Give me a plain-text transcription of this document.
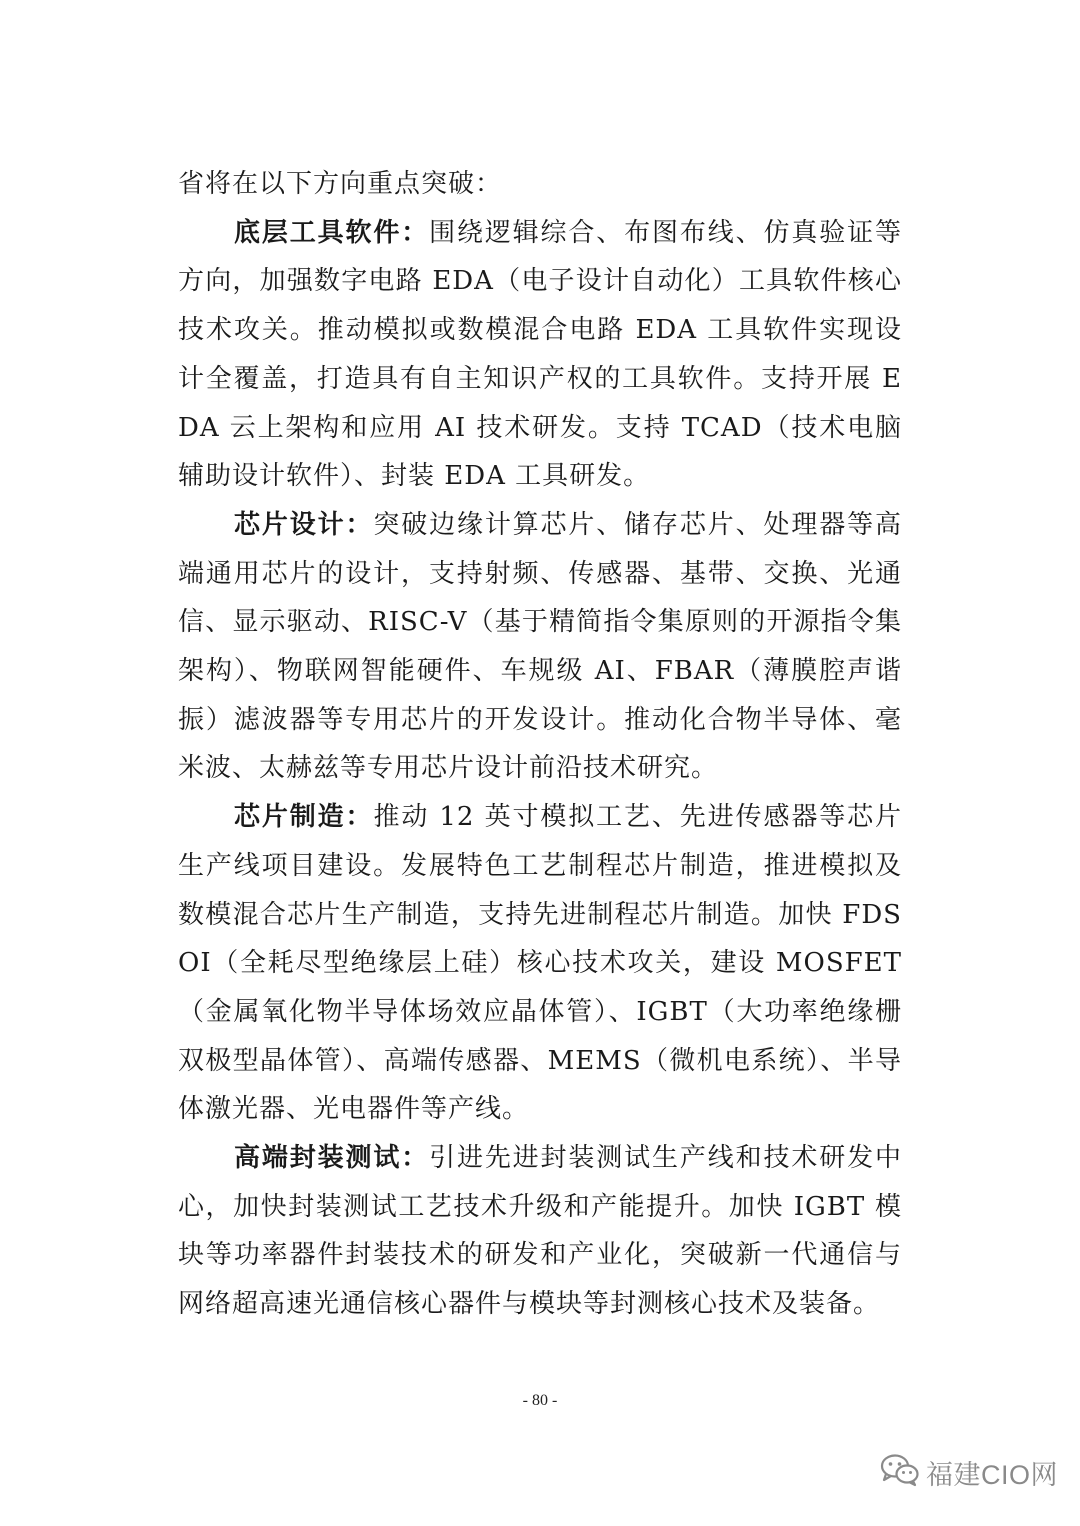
省将在以下方向重点突破：

底层工具软件：围绕逻辑综合、布图布线、仿真验证等方向，加强数字电路 EDA（电子设计自动化）工具软件核心技术攻关。推动模拟或数模混合电路 EDA 工具软件实现设计全覆盖，打造具有自主知识产权的工具软件。支持开展 EDA 云上架构和应用 AI 技术研发。支持 TCAD（技术电脑辅助设计软件）、封装 EDA 工具研发。

芯片设计：突破边缘计算芯片、储存芯片、处理器等高端通用芯片的设计，支持射频、传感器、基带、交换、光通信、显示驱动、RISC-V（基于精简指令集原则的开源指令集架构）、物联网智能硬件、车规级 AI、FBAR（薄膜腔声谐振）滤波器等专用芯片的开发设计。推动化合物半导体、毫米波、太赫兹等专用芯片设计前沿技术研究。

芯片制造：推动 12 英寸模拟工艺、先进传感器等芯片生产线项目建设。发展特色工艺制程芯片制造，推进模拟及数模混合芯片生产制造，支持先进制程芯片制造。加快 FDSOI（全耗尽型绝缘层上硅）核心技术攻关，建设 MOSFET（金属氧化物半导体场效应晶体管）、IGBT（大功率绝缘栅双极型晶体管）、高端传感器、MEMS（微机电系统）、半导体激光器、光电器件等产线。

高端封装测试：引进先进封装测试生产线和技术研发中心，加快封装测试工艺技术升级和产能提升。加快 IGBT 模块等功率器件封装技术的研发和产业化，突破新一代通信与网络超高速光通信核心器件与模块等封测核心技术及装备。

- 80 -
福建CIO网
